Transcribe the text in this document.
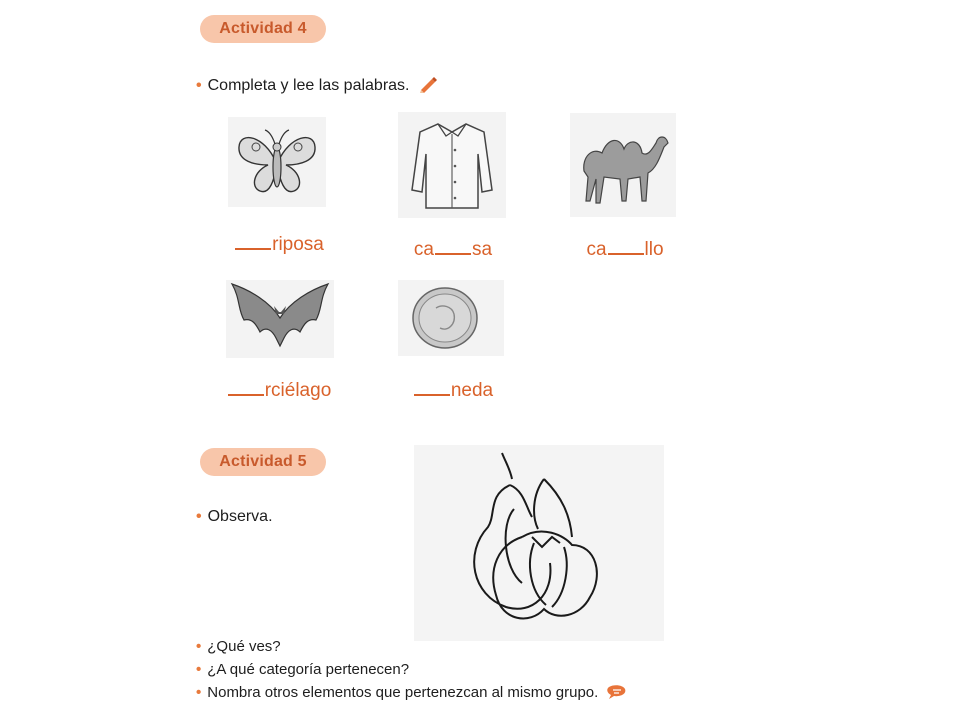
Actividad 4
• Completa y lee las palabras.
riposa	ca sa	ca llo
rciélago	neda
Actividad 5
• Observa.
• ¿Qué ves?
• ¿A qué categoría pertenecen?
• Nombra otros elementos que pertenezcan al mismo grupo.
